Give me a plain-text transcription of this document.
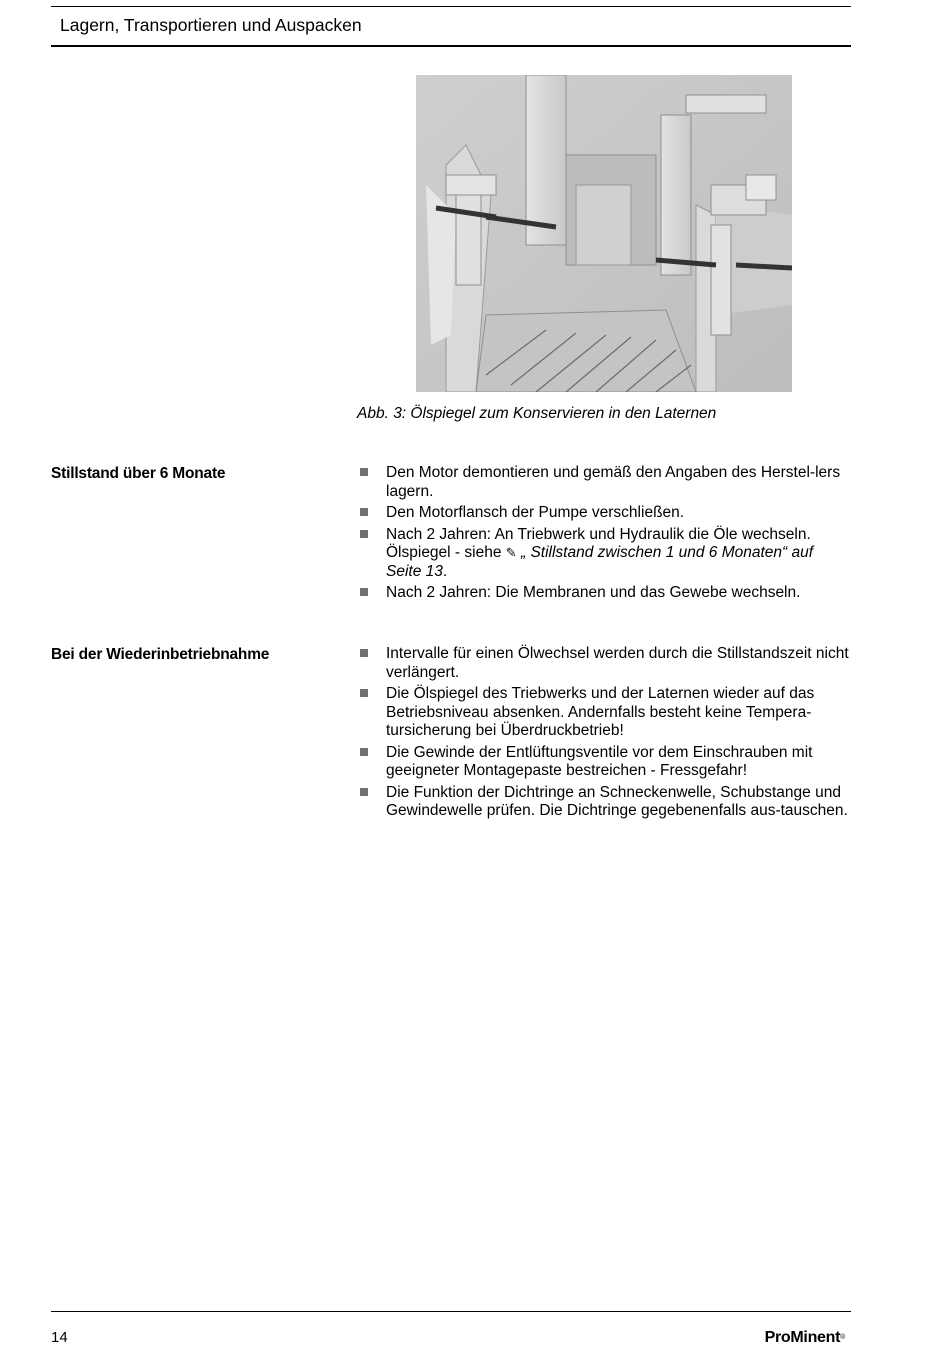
Lagern, Transportieren und Auspacken
Abb. 3: Ölspiegel zum Konservieren in den Laternen
Stillstand über 6 Monate	Den Motor demontieren und gemäß den Angaben des Herstel-lers lagern.
Den Motorflansch der Pumpe verschließen.
Nach 2 Jahren: An Triebwerk und Hydraulik die Öle wechseln. Ölspiegel - siehe ✎ „ Stillstand zwischen 1 und 6 Monaten“ auf Seite 13.
Nach 2 Jahren: Die Membranen und das Gewebe wechseln.
Bei der Wiederinbetriebnahme	Intervalle für einen Ölwechsel werden durch die Stillstandszeit nicht verlängert.
Die Ölspiegel des Triebwerks und der Laternen wieder auf das Betriebsniveau absenken. Andernfalls besteht keine Tempera-tursicherung bei Überdruckbetrieb!
Die Gewinde der Entlüftungsventile vor dem Einschrauben mit geeigneter Montagepaste bestreichen - Fressgefahr!
Die Funktion der Dichtringe an Schneckenwelle, Schubstange und Gewindewelle prüfen. Die Dichtringe gegebenenfalls aus-tauschen.
14	ProMinent®
